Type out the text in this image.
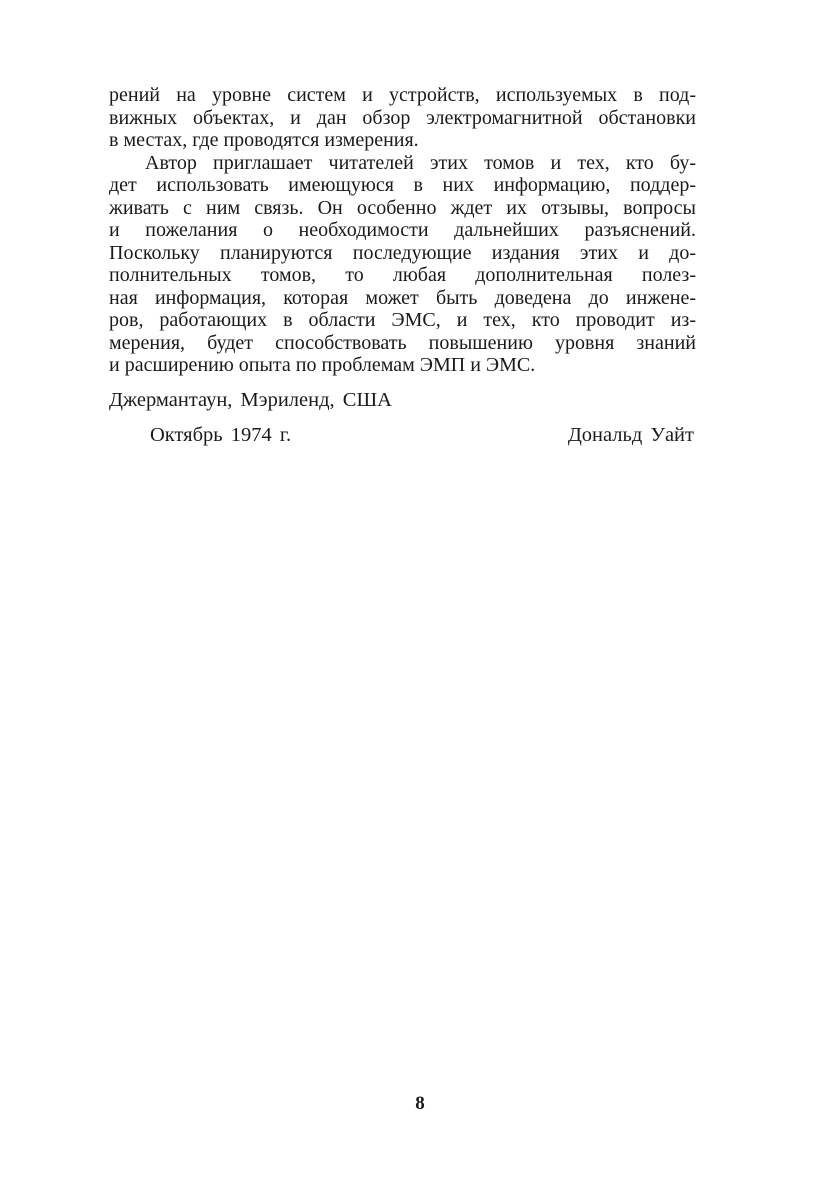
рений на уровне систем и устройств, используемых в под-
вижных объектах, и дан обзор электромагнитной обстановки
в местах, где проводятся измерения.
Автор приглашает читателей этих томов и тех, кто бу-
дет использовать имеющуюся в них информацию, поддер-
живать с ним связь. Он особенно ждет их отзывы, вопросы
и пожелания о необходимости дальнейших разъяснений.
Поскольку планируются последующие издания этих и до-
полнительных томов, то любая дополнительная полез-
ная информация, которая может быть доведена до инжене-
ров, работающих в области ЭМС, и тех, кто проводит из-
мерения, будет способствовать повышению уровня знаний
и расширению опыта по проблемам ЭМП и ЭМС.
Джермантаун, Мэриленд, США
Октябрь 1974 г.	Дональд Уайт
8
